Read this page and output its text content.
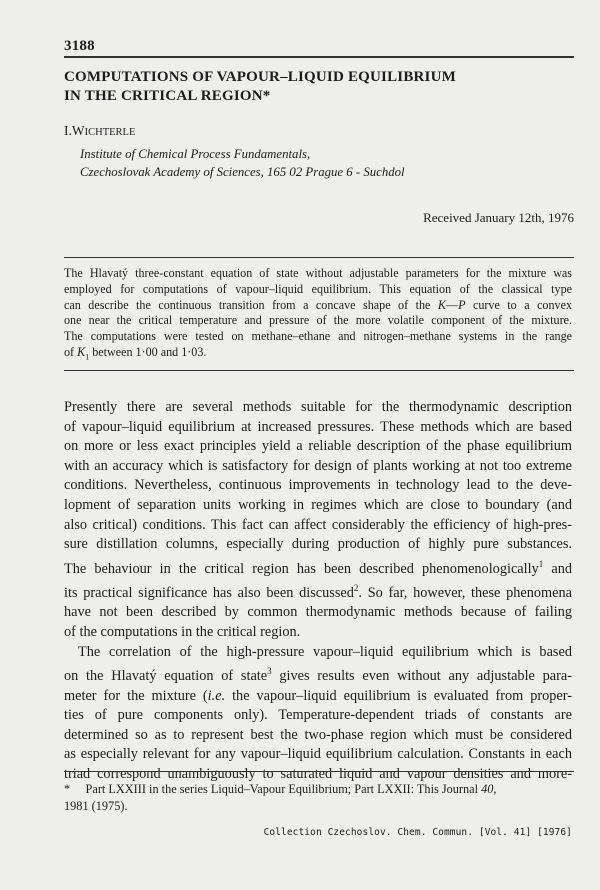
3188
COMPUTATIONS OF VAPOUR–LIQUID EQUILIBRIUM
IN THE CRITICAL REGION*
I.WICHTERLE
Institute of Chemical Process Fundamentals,
Czechoslovak Academy of Sciences, 165 02 Prague 6 - Suchdol
Received January 12th, 1976
The Hlavatý three-constant equation of state without adjustable parameters for the mixture was
employed for computations of vapour–liquid equilibrium. This equation of the classical type
can describe the continuous transition from a concave shape of the K—P curve to a convex
one near the critical temperature and pressure of the more volatile component of the mixture.
The computations were tested on methane–ethane and nitrogen–methane systems in the range
of $K_1$ between 1·00 and 1·03.

Presently there are several methods suitable for the thermodynamic description
of vapour–liquid equilibrium at increased pressures. These methods which are based
on more or less exact principles yield a reliable description of the phase equilibrium
with an accuracy which is satisfactory for design of plants working at not too extreme
conditions. Nevertheless, continuous improvements in technology lead to the deve-
lopment of separation units working in regimes which are close to boundary (and
also critical) conditions. This fact can affect considerably the efficiency of high-pres-
sure distillation columns, especially during production of highly pure substances.
The behaviour in the critical region has been described phenomenologically$^1$ and
its practical significance has also been discussed$^2$. So far, however, these phenomena
have not been described by common thermodynamic methods because of failing
of the computations in the critical region.

The correlation of the high-pressure vapour–liquid equilibrium which is based
on the Hlavatý equation of state$^3$ gives results even without any adjustable para-
meter for the mixture (i.e. the vapour–liquid equilibrium is evaluated from proper-
ties of pure components only). Temperature-dependent triads of constants are
determined so as to represent best the two-phase region which must be considered
as especially relevant for any vapour–liquid equilibrium calculation. Constants in each
triad correspond unambiguously to saturated liquid and vapour densities and more-

*     Part LXXIII in the series Liquid–Vapour Equilibrium; Part LXXII: This Journal 40,
1981 (1975).
Collection Czechoslov. Chem. Commun. [Vol. 41] [1976]
